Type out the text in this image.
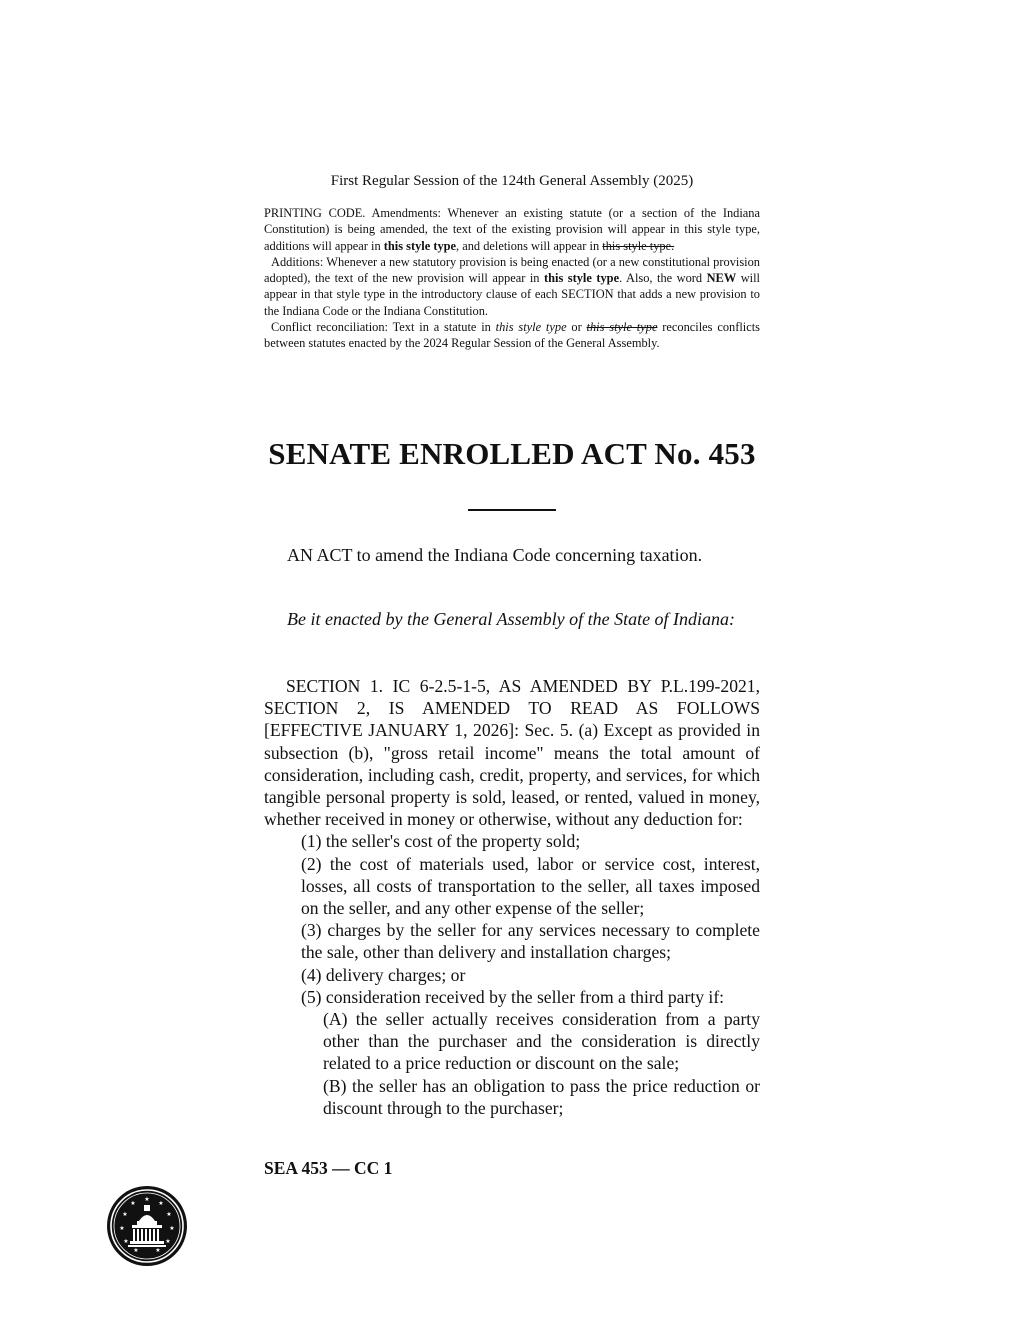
First Regular Session of the 124th General Assembly (2025)

PRINTING CODE. Amendments: Whenever an existing statute (or a section of the Indiana Constitution) is being amended, the text of the existing provision will appear in this style type, additions will appear in this style type, and deletions will appear in this style type.

Additions: Whenever a new statutory provision is being enacted (or a new constitutional provision adopted), the text of the new provision will appear in this style type. Also, the word NEW will appear in that style type in the introductory clause of each SECTION that adds a new provision to the Indiana Code or the Indiana Constitution.

Conflict reconciliation: Text in a statute in this style type or this style type reconciles conflicts between statutes enacted by the 2024 Regular Session of the General Assembly.

SENATE ENROLLED ACT No. 453
AN ACT to amend the Indiana Code concerning taxation.
Be it enacted by the General Assembly of the State of Indiana:

SECTION 1. IC 6-2.5-1-5, AS AMENDED BY P.L.199-2021, SECTION 2, IS AMENDED TO READ AS FOLLOWS [EFFECTIVE JANUARY 1, 2026]: Sec. 5. (a) Except as provided in subsection (b), "gross retail income" means the total amount of consideration, including cash, credit, property, and services, for which tangible personal property is sold, leased, or rented, valued in money, whether received in money or otherwise, without any deduction for:

(1) the seller's cost of the property sold;

(2) the cost of materials used, labor or service cost, interest, losses, all costs of transportation to the seller, all taxes imposed on the seller, and any other expense of the seller;

(3) charges by the seller for any services necessary to complete the sale, other than delivery and installation charges;

(4) delivery charges; or

(5) consideration received by the seller from a third party if:

(A) the seller actually receives consideration from a party other than the purchaser and the consideration is directly related to a price reduction or discount on the sale;

(B) the seller has an obligation to pass the price reduction or discount through to the purchaser;

SEA 453 — CC 1
★
★
★
★
★
★
★
★
★
★
★
